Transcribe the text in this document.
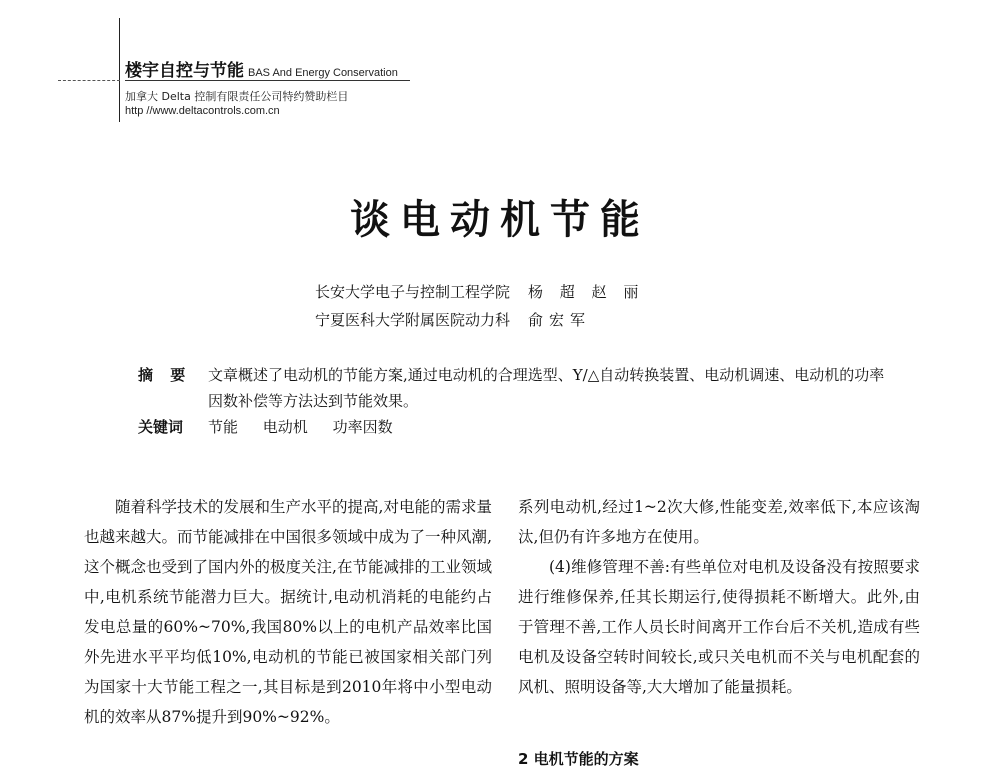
楼宇自控与节能 BAS And Energy Conservation
加拿大 Delta 控制有限责任公司特约赞助栏目
http //www.deltacontrols.com.cn
谈电动机节能
长安大学电子与控制工程学院 杨 超 赵 丽
宁夏医科大学附属医院动力科 俞宏军
摘 要	文章概述了电动机的节能方案,通过电动机的合理选型、Y/△自动转换装置、电动机调速、电动机的功率因数补偿等方法达到节能效果。
关键词	节能 电动机 功率因数

随着科学技术的发展和生产水平的提高,对电能的需求量也越来越大。而节能减排在中国很多领域中成为了一种风潮,这个概念也受到了国内外的极度关注,在节能减排的工业领域中,电机系统节能潜力巨大。据统计,电动机消耗的电能约占发电总量的60%~70%,我国80%以上的电机产品效率比国外先进水平平均低10%,电动机的节能已被国家相关部门列为国家十大节能工程之一,其目标是到2010年将中小型电动机的效率从87%提升到90%~92%。

系列电动机,经过1~2次大修,性能变差,效率低下,本应该淘汰,但仍有许多地方在使用。

(4)维修管理不善:有些单位对电机及设备没有按照要求进行维修保养,任其长期运行,使得损耗不断增大。此外,由于管理不善,工作人员长时间离开工作台后不关机,造成有些电机及设备空转时间较长,或只关电机而不关与电机配套的风机、照明设备等,大大增加了能量损耗。

2 电机节能的方案
